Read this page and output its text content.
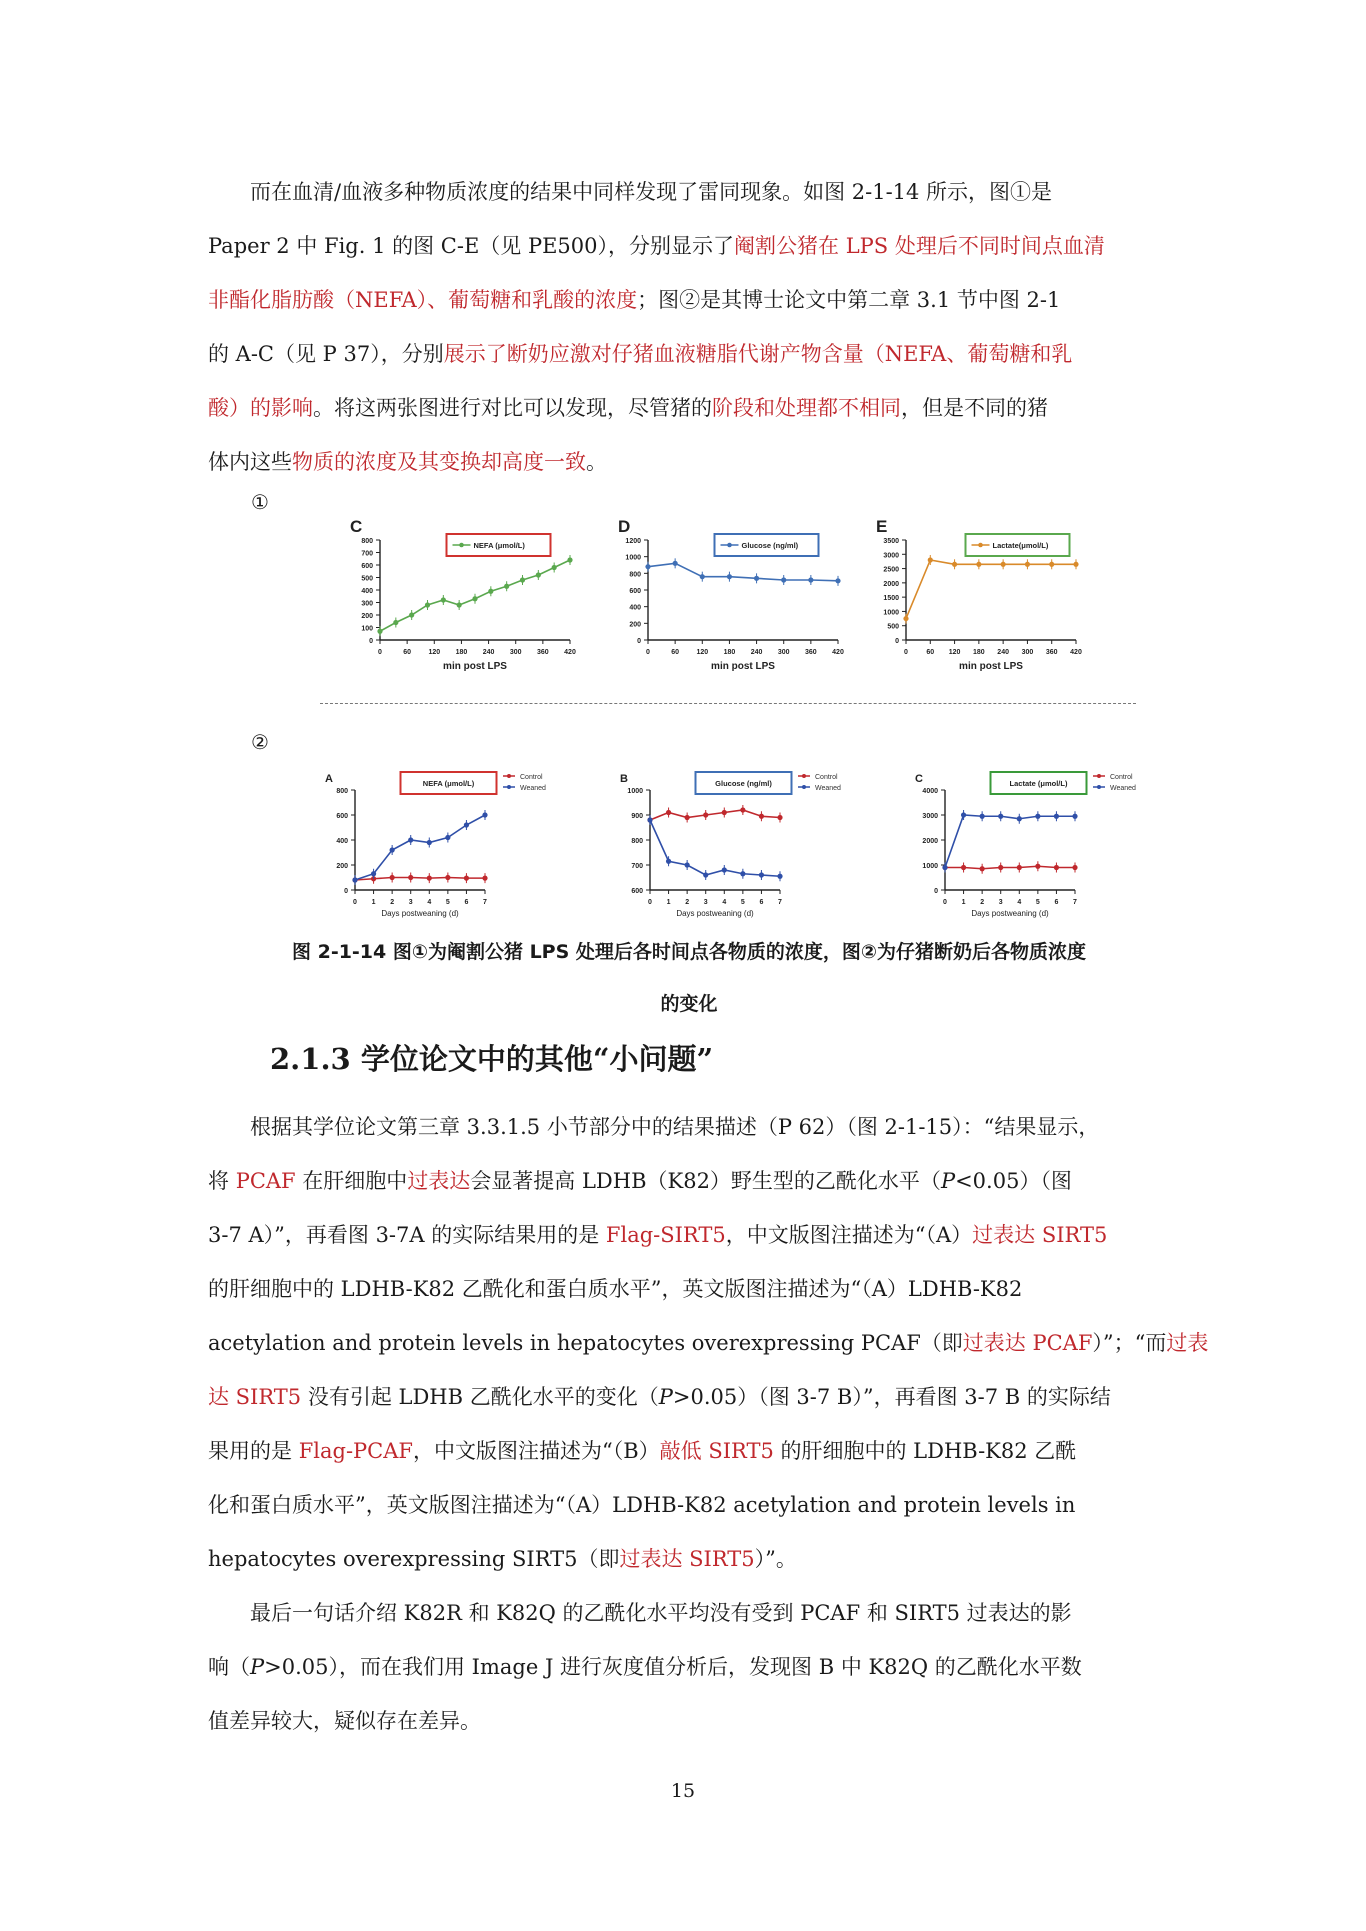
而在血清/血液多种物质浓度的结果中同样发现了雷同现象。如图 2-1-14 所示，图①是
Paper 2 中 Fig. 1 的图 C-E（见 PE500），分别显示了阉割公猪在 LPS 处理后不同时间点血清
非酯化脂肪酸（NEFA）、葡萄糖和乳酸的浓度；图②是其博士论文中第二章 3.1 节中图 2-1
的 A-C（见 P 37），分别展示了断奶应激对仔猪血液糖脂代谢产物含量（NEFA、葡萄糖和乳
酸）的影响。将这两张图进行对比可以发现，尽管猪的阶段和处理都不相同，但是不同的猪
体内这些物质的浓度及其变换却高度一致。

①
②
C
0
100
200
300
400
500
600
700
800
0	60 120 180 240 300 360 420
min post LPS
NEFA (μmol/L)
D
0
200
400
600
800
1000
1200
0	60 120 180 240 300 360 420
min post LPS
Glucose (ng/ml)
E
0
500
1000
1500
2000
2500
3000
3500
0	60 120 180 240 300 360 420
min post LPS
Lactate(μmol/L)
A
0
200
400
600
800
0 1 2 3 4 5 6 7
Days postweaning (d)
NEFA (μmol/L)
Control
Weaned
B
600
700
800
900
1000
0 1 2 3 4 5 6 7
Days postweaning (d)
Glucose (ng/ml)
Control
Weaned
C
0
1000
2000
3000
4000
0 1 2 3 4 5 6 7
Days postweaning (d)
Lactate (μmol/L)
Control
Weaned
图 2-1-14 图①为阉割公猪 LPS 处理后各时间点各物质的浓度，图②为仔猪断奶后各物质浓度
的变化
2.1.3 学位论文中的其他“小问题”

根据其学位论文第三章 3.3.1.5 小节部分中的结果描述（P 62）（图 2-1-15）：“结果显示，
将 PCAF 在肝细胞中过表达会显著提高 LDHB（K82）野生型的乙酰化水平（P<0.05）（图
3-7 A）”，再看图 3-7A 的实际结果用的是 Flag-SIRT5，中文版图注描述为“（A）过表达 SIRT5
的肝细胞中的 LDHB-K82 乙酰化和蛋白质水平”，英文版图注描述为“（A）LDHB-K82
acetylation and protein levels in hepatocytes overexpressing PCAF（即过表达 PCAF）”；“而过表
达 SIRT5 没有引起 LDHB 乙酰化水平的变化（P>0.05）（图 3-7 B）”，再看图 3-7 B 的实际结
果用的是 Flag-PCAF，中文版图注描述为“（B）敲低 SIRT5 的肝细胞中的 LDHB-K82 乙酰
化和蛋白质水平”，英文版图注描述为“（A）LDHB-K82 acetylation and protein levels in
hepatocytes overexpressing SIRT5（即过表达 SIRT5）”。

最后一句话介绍 K82R 和 K82Q 的乙酰化水平均没有受到 PCAF 和 SIRT5 过表达的影
响（P>0.05），而在我们用 Image J 进行灰度值分析后，发现图 B 中 K82Q 的乙酰化水平数
值差异较大，疑似存在差异。

15
